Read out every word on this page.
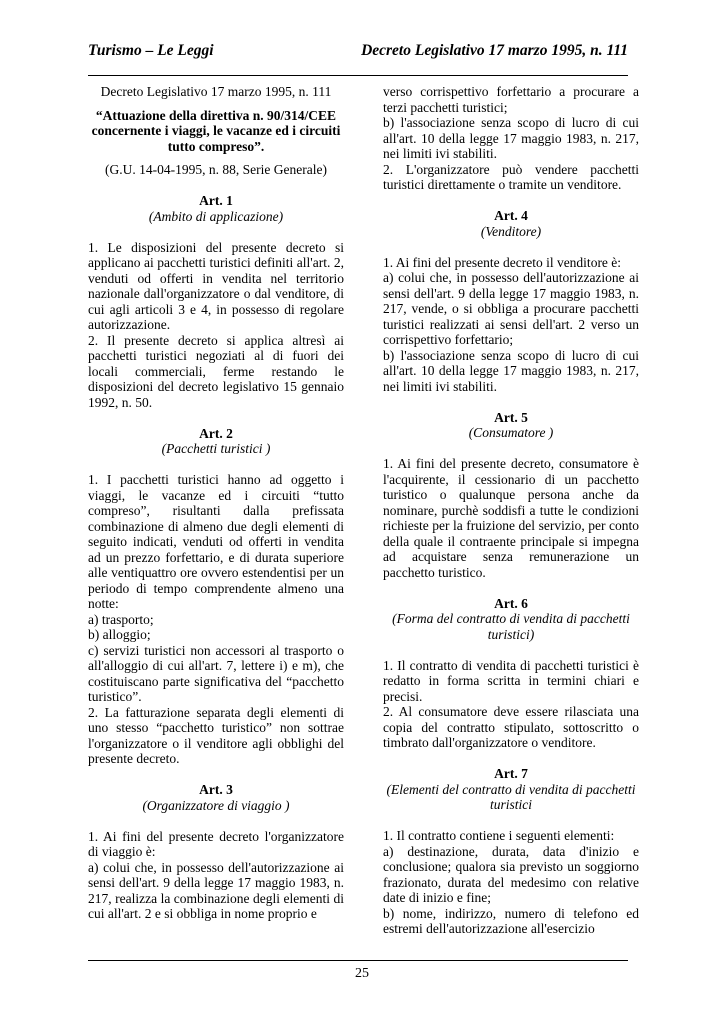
Turismo – Le Leggi	Decreto Legislativo 17 marzo 1995, n. 111

Decreto Legislativo 17 marzo 1995, n. 111

“Attuazione della direttiva n. 90/314/CEE concernente i viaggi, le vacanze ed i circuiti tutto compreso”.

(G.U. 14-04-1995, n. 88, Serie Generale)

Art. 1

(Ambito di applicazione)

1. Le disposizioni del presente decreto si applicano ai pacchetti turistici definiti all'art. 2, venduti od offerti in vendita nel territorio nazionale dall'organizzatore o dal venditore, di cui agli articoli 3 e 4, in possesso di regolare autorizzazione.

2. Il presente decreto si applica altresì ai pacchetti turistici negoziati al di fuori dei locali commerciali, ferme restando le disposizioni del decreto legislativo 15 gennaio 1992, n. 50.

Art. 2

(Pacchetti turistici )

1. I pacchetti turistici hanno ad oggetto i viaggi, le vacanze ed i circuiti “tutto compreso”, risultanti dalla prefissata combinazione di almeno due degli elementi di seguito indicati, venduti od offerti in vendita ad un prezzo forfettario, e di durata superiore alle ventiquattro ore ovvero estendentisi per un periodo di tempo comprendente almeno una notte:

a) trasporto;

b) alloggio;

c) servizi turistici non accessori al trasporto o all'alloggio di cui all'art. 7, lettere i) e m), che costituiscano parte significativa del “pacchetto turistico”.

2. La fatturazione separata degli elementi di uno stesso “pacchetto turistico” non sottrae l'organizzatore o il venditore agli obblighi del presente decreto.

Art. 3

(Organizzatore di viaggio )

1. Ai fini del presente decreto l'organizzatore di viaggio è:

a) colui che, in possesso dell'autorizzazione ai sensi dell'art. 9 della legge 17 maggio 1983, n. 217, realizza la combinazione degli elementi di cui all'art. 2 e si obbliga in nome proprio e

verso corrispettivo forfettario a procurare a terzi pacchetti turistici;

b) l'associazione senza scopo di lucro di cui all'art. 10 della legge 17 maggio 1983, n. 217, nei limiti ivi stabiliti.

2. L'organizzatore può vendere pacchetti turistici direttamente o tramite un venditore.

Art. 4

(Venditore)

1. Ai fini del presente decreto il venditore è:

a) colui che, in possesso dell'autorizzazione ai sensi dell'art. 9 della legge 17 maggio 1983, n. 217, vende, o si obbliga a procurare pacchetti turistici realizzati ai sensi dell'art. 2 verso un corrispettivo forfettario;

b) l'associazione senza scopo di lucro di cui all'art. 10 della legge 17 maggio 1983, n. 217, nei limiti ivi stabiliti.

Art. 5

(Consumatore )

1. Ai fini del presente decreto, consumatore è l'acquirente, il cessionario di un pacchetto turistico o qualunque persona anche da nominare, purchè soddisfi a tutte le condizioni richieste per la fruizione del servizio, per conto della quale il contraente principale si impegna ad acquistare senza remunerazione un pacchetto turistico.

Art. 6

(Forma del contratto di vendita di pacchetti turistici)

1. Il contratto di vendita di pacchetti turistici è redatto in forma scritta in termini chiari e precisi.

2. Al consumatore deve essere rilasciata una copia del contratto stipulato, sottoscritto o timbrato dall'organizzatore o venditore.

Art. 7

(Elementi del contratto di vendita di pacchetti turistici

1. Il contratto contiene i seguenti elementi:

a) destinazione, durata, data d'inizio e conclusione; qualora sia previsto un soggiorno frazionato, durata del medesimo con relative date di inizio e fine;

b) nome, indirizzo, numero di telefono ed estremi dell'autorizzazione all'esercizio

25
